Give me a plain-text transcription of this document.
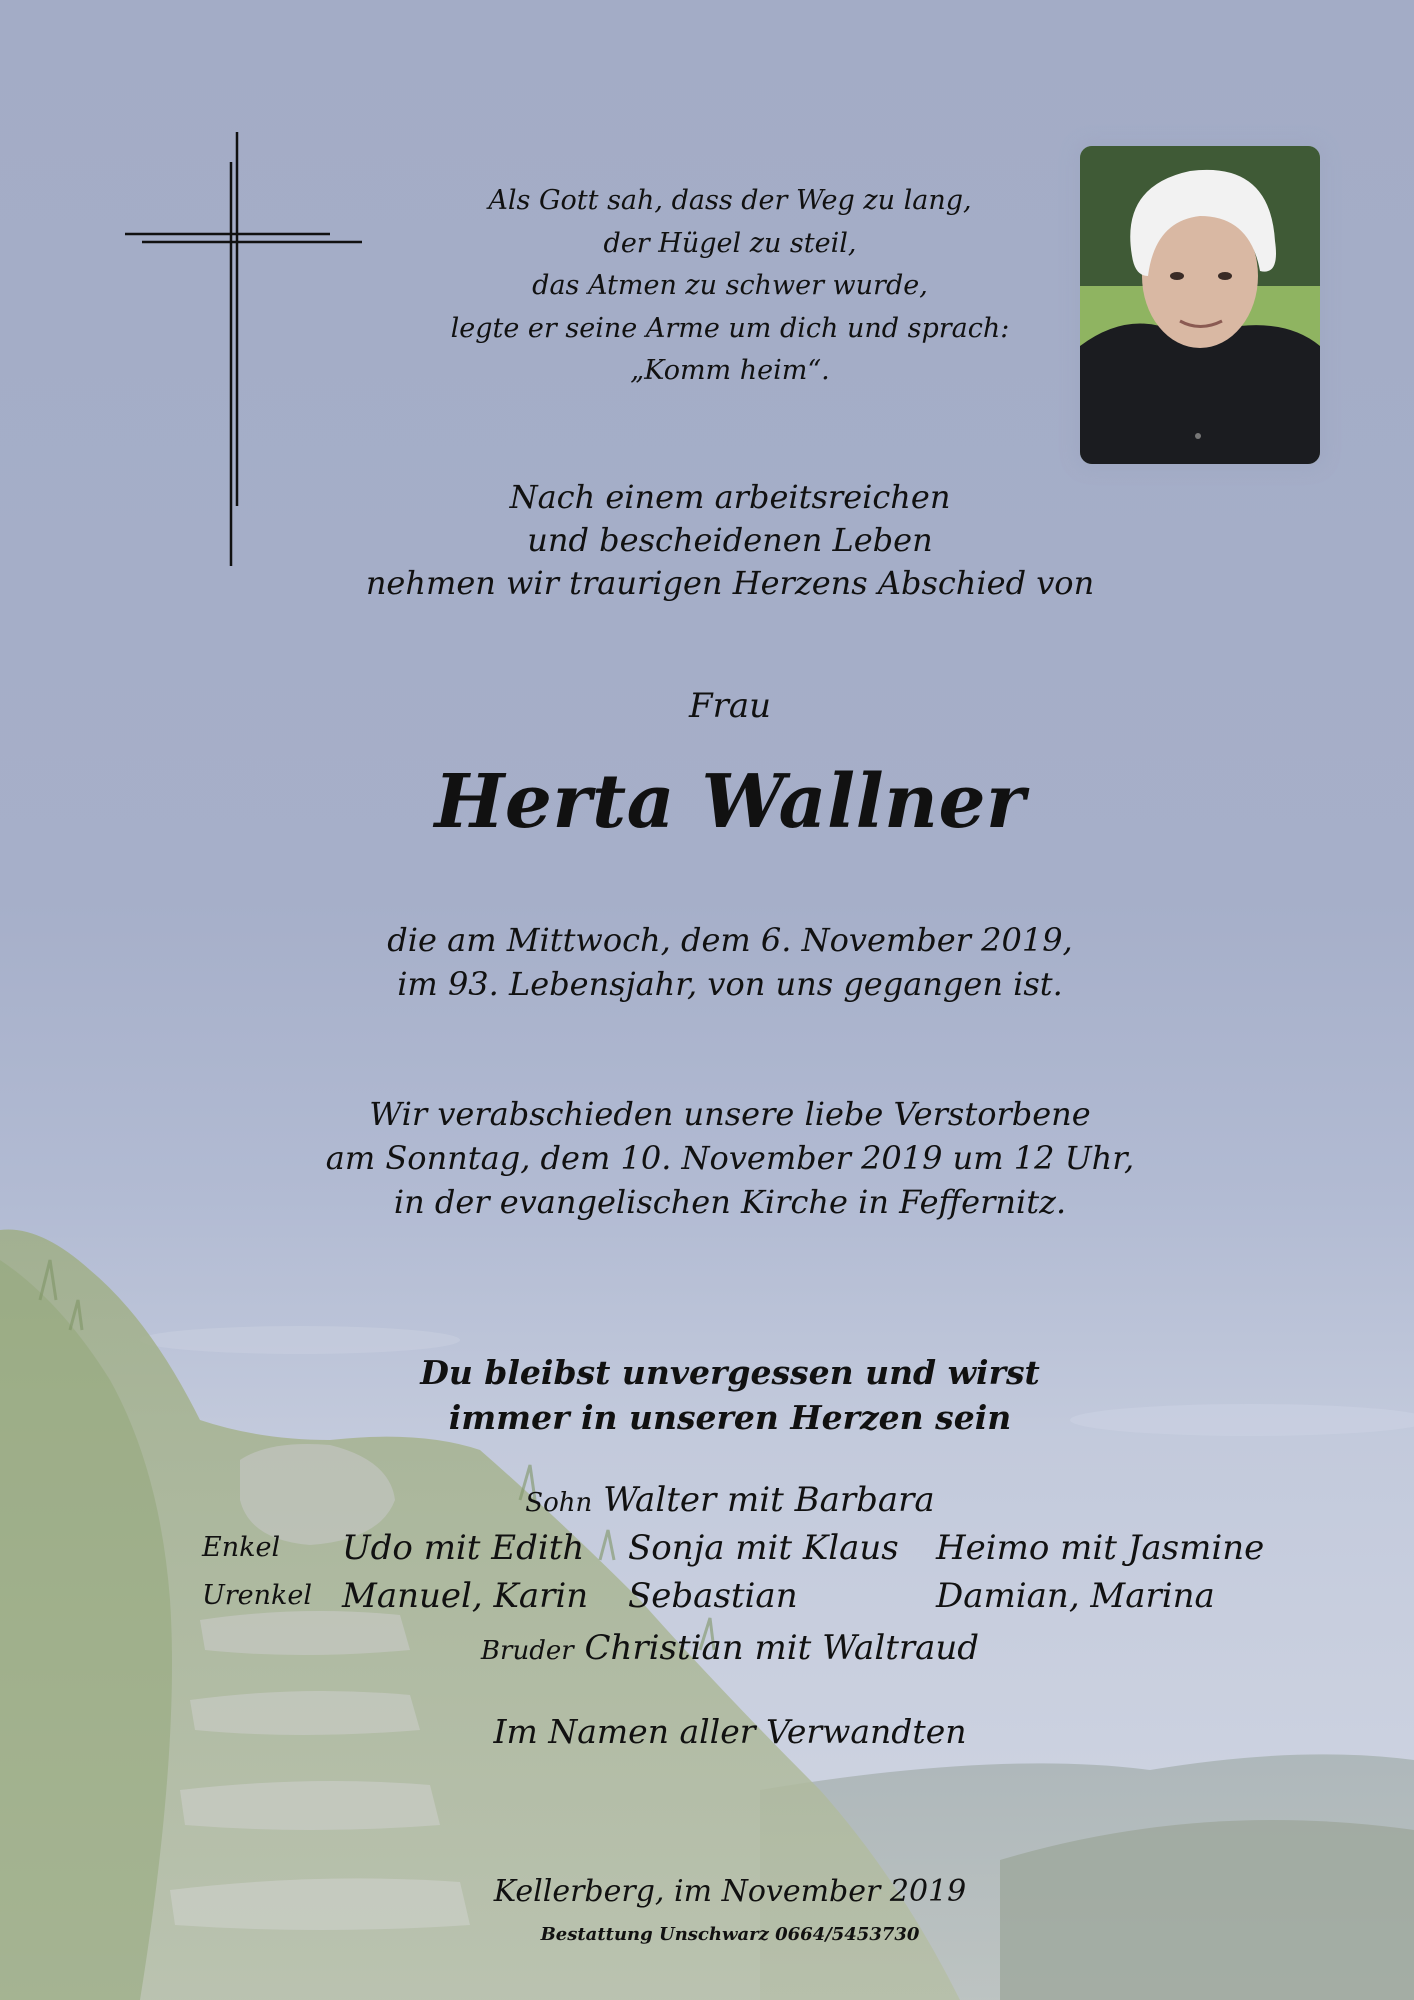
Als Gott sah, dass der Weg zu lang,
der Hügel zu steil,
das Atmen zu schwer wurde,
legte er seine Arme um dich und sprach:
„Komm heim“.
Nach einem arbeitsreichen
und bescheidenen Leben
nehmen wir traurigen Herzens Abschied von
Frau
Herta Wallner
die am Mittwoch, dem 6. November 2019,
im 93. Lebensjahr, von uns gegangen ist.
Wir verabschieden unsere liebe Verstorbene
am Sonntag, dem 10. November 2019 um 12 Uhr,
in der evangelischen Kirche in Feffernitz.
Du bleibst unvergessen und wirst
immer in unseren Herzen sein
Sohn Walter mit Barbara
Enkel Udo mit Edith Sonja mit Klaus Heimo mit Jasmine
Urenkel Manuel, Karin Sebastian	Damian, Marina
Bruder Christian mit Waltraud
Im Namen aller Verwandten
Kellerberg, im November 2019
Bestattung Unschwarz 0664/5453730
